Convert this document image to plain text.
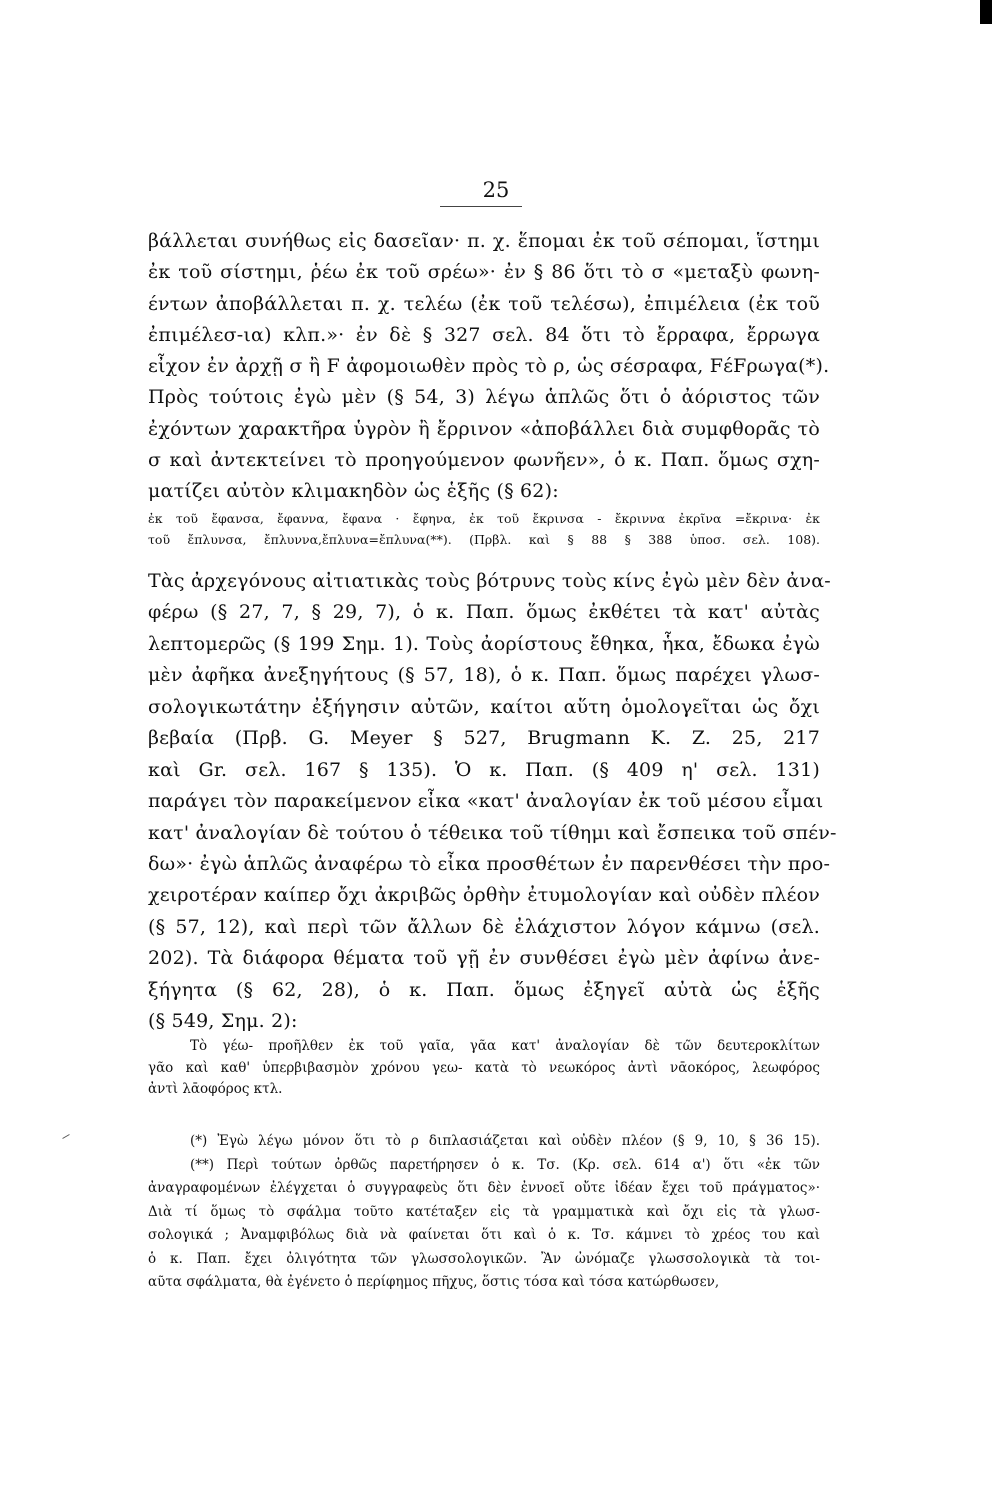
25
βάλλεται συνήθως εἰς δασεῖαν· π. χ. ἕπομαι ἐκ τοῦ σέπομαι, ἵστημι
ἐκ τοῦ σίστημι, ῥέω ἐκ τοῦ σρέω»· ἐν § 86 ὅτι τὸ σ «μεταξὺ φωνη-
έντων ἀποβάλλεται π. χ. τελέω (ἐκ τοῦ τελέσω), ἐπιμέλεια (ἐκ τοῦ
ἐπιμέλεσ-ια) κλπ.»· ἐν δὲ § 327 σελ. 84 ὅτι τὸ ἔρραφα, ἔρρωγα
εἶχον ἐν ἀρχῇ σ ἢ F ἀφομοιωθὲν πρὸς τὸ ρ, ὡς σέσραφα, FέFρωγα(*).
Πρὸς τούτοις ἐγὼ μὲν (§ 54, 3) λέγω ἁπλῶς ὅτι ὁ ἀόριστος τῶν
ἐχόντων χαρακτῆρα ὑγρὸν ἢ ἔρρινον «ἀποβάλλει διὰ συμφθορᾶς τὸ
σ καὶ ἀντεκτείνει τὸ προηγούμενον φωνῆεν», ὁ κ. Παπ. ὅμως σχη-
ματίζει αὐτὸν κλιμακηδὸν ὡς ἑξῆς (§ 62):
ἐκ τοῦ ἔφανσα, ἔφαννα, ἔφανα · ἔφηνα, ἐκ τοῦ ἔκρινσα - ἔκριννα ἐκρῖνα =ἔκρινα· ἐκ
τοῦ ἔπλυνσα, ἔπλυννα,ἔπλυνα=ἔπλυνα(**). (Πρβλ. καὶ § 88 § 388 ὑποσ. σελ. 108).
Τὰς ἀρχεγόνους αἰτιατικὰς τοὺς βότρυνς τοὺς κίνς ἐγὼ μὲν δὲν ἀνα-
φέρω (§ 27, 7, § 29, 7), ὁ κ. Παπ. ὅμως ἐκθέτει τὰ κατ' αὐτὰς
λεπτομερῶς (§ 199 Σημ. 1). Τοὺς ἀορίστους ἔθηκα, ἧκα, ἔδωκα ἐγὼ
μὲν ἀφῆκα ἀνεξηγήτους (§ 57, 18), ὁ κ. Παπ. ὅμως παρέχει γλωσ-
σολογικωτάτην ἐξήγησιν αὐτῶν, καίτοι αὕτη ὁμολογεῖται ὡς ὄχι
βεβαία (Πρβ. G. Meyer § 527, Brugmann K. Z. 25, 217
καὶ Gr. σελ. 167 § 135). Ὁ κ. Παπ. (§ 409 η' σελ. 131)
παράγει τὸν παρακείμενον εἶκα «κατ' ἀναλογίαν ἐκ τοῦ μέσου εἶμαι
κατ' ἀναλογίαν δὲ τούτου ὁ τέθεικα τοῦ τίθημι καὶ ἔσπεικα τοῦ σπέν-
δω»· ἐγὼ ἁπλῶς ἀναφέρω τὸ εἶκα προσθέτων ἐν παρενθέσει τὴν προ-
χειροτέραν καίπερ ὄχι ἀκριβῶς ὀρθὴν ἐτυμολογίαν καὶ οὐδὲν πλέον
(§ 57, 12), καὶ περὶ τῶν ἄλλων δὲ ἐλάχιστον λόγον κάμνω (σελ.
202). Τὰ διάφορα θέματα τοῦ γῇ ἐν συνθέσει ἐγὼ μὲν ἀφίνω ἀνε-
ξήγητα (§ 62, 28), ὁ κ. Παπ. ὅμως ἐξηγεῖ αὐτὰ ὡς ἑξῆς
(§ 549, Σημ. 2):
Τὸ γέω- προῆλθεν ἐκ τοῦ γαῖα, γᾶα κατ' ἀναλογίαν δὲ τῶν δευτεροκλίτων
γᾶο καὶ καθ' ὑπερβιβασμὸν χρόνου γεω- κατὰ τὸ νεωκόρος ἀντὶ νᾱοκόρος, λεωφόρος
ἀντὶ λᾱοφόρος κτλ.
(*) Ἐγὼ λέγω μόνον ὅτι τὸ ρ διπλασιάζεται καὶ οὐδὲν πλέον (§ 9, 10, § 36 15).
(**) Περὶ τούτων ὀρθῶς παρετήρησεν ὁ κ. Τσ. (Κρ. σελ. 614 α') ὅτι «ἐκ τῶν
ἀναγραφομένων ἐλέγχεται ὁ συγγραφεὺς ὅτι δὲν ἐννοεῖ οὔτε ἰδέαν ἔχει τοῦ πράγματος»·
Διὰ τί ὅμως τὸ σφάλμα τοῦτο κατέταξεν εἰς τὰ γραμματικὰ καὶ ὄχι εἰς τὰ γλωσ-
σολογικά ; Ἀναμφιβόλως διὰ νὰ φαίνεται ὅτι καὶ ὁ κ. Τσ. κάμνει τὸ χρέος του καὶ
ὁ κ. Παπ. ἔχει ὀλιγότητα τῶν γλωσσολογικῶν. Ἂν ὠνόμαζε γλωσσολογικὰ τὰ τοι-
αῦτα σφάλματα, θὰ ἐγένετο ὁ περίφημος πῆχυς, ὅστις τόσα καὶ τόσα κατώρθωσεν,
